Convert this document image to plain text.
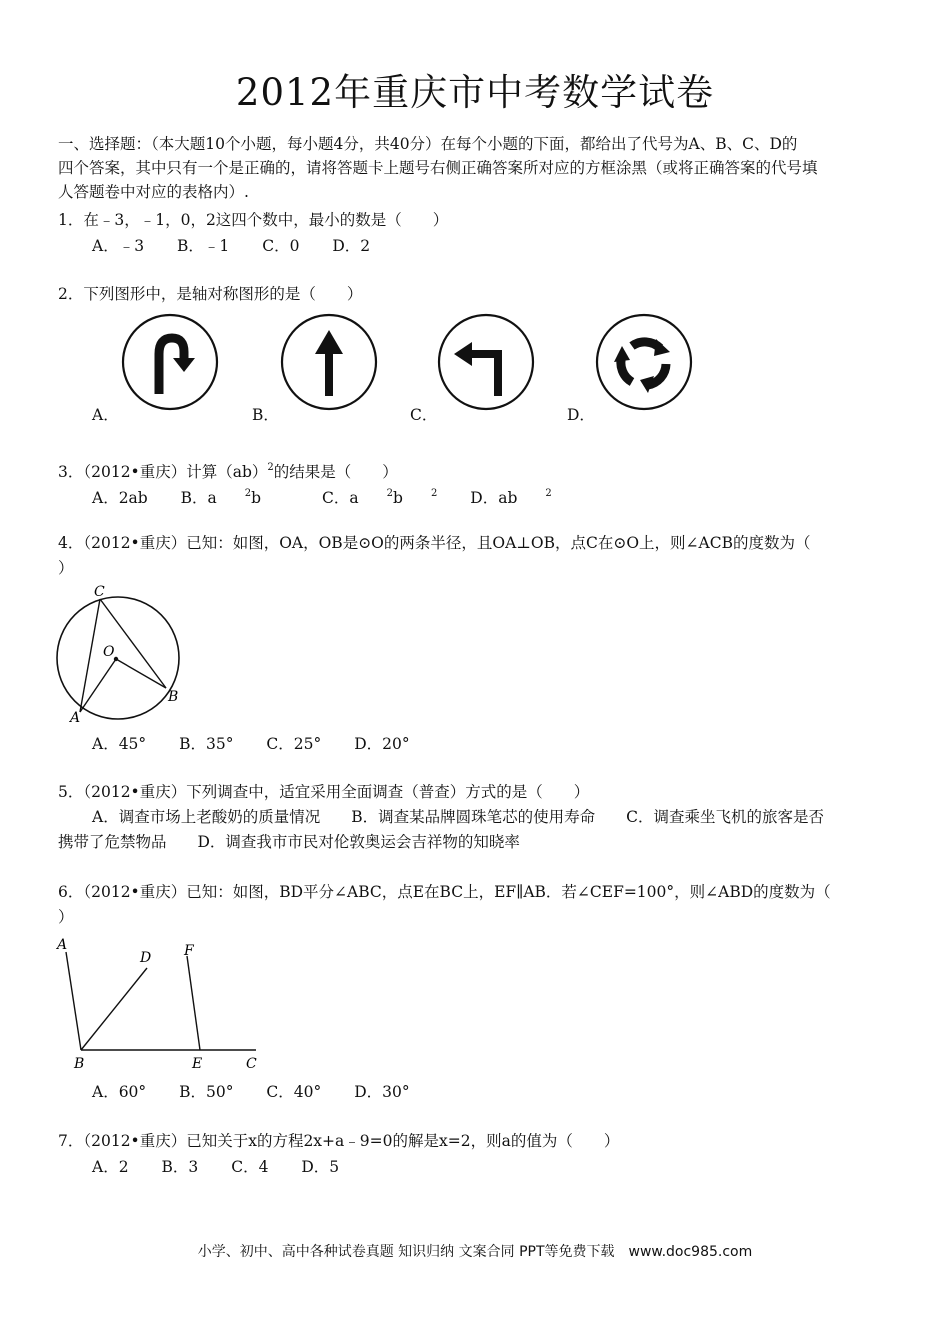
2012年重庆市中考数学试卷
一、选择题：（本大题10个小题，每小题4分，共40分）在每个小题的下面，都给出了代号为A、B、C、D的
四个答案，其中只有一个是正确的，请将答题卡上题号右侧正确答案所对应的方框涂黑（或将正确答案的代号填
人答题卷中对应的表格内）.
1．在﹣3，﹣1，0，2这四个数中，最小的数是（　　）
A．﹣3 B．﹣1 C．0 D．2
2．下列图形中，是轴对称图形的是（　　）
A．	B．	C．	D．
3．（2012•重庆）计算（ab）$^2$的结果是（　　）
A．2ab B．a	$^2$b	C．a	$^2$b	$^2$ D．ab	$^2$
4．（2012•重庆）已知：如图，OA，OB是⊙O的两条半径，且OA⊥OB，点C在⊙O上，则∠ACB的度数为（
）
C
O
A
B
A．45° B．35° C．25° D．20°
5．（2012•重庆）下列调查中，适宜采用全面调查（普查）方式的是（　　）
A．调查市场上老酸奶的质量情况　　B．调查某品牌圆珠笔芯的使用寿命　　C．调查乘坐飞机的旅客是否
携带了危禁物品　　D．调查我市市民对伦敦奥运会吉祥物的知晓率
6．（2012•重庆）已知：如图，BD平分∠ABC，点E在BC上，EF∥AB．若∠CEF=100°，则∠ABD的度数为（
）
A
D F
B	E	C
A．60° B．50° C．40° D．30°
7．（2012•重庆）已知关于x的方程2x+a﹣9=0的解是x=2，则a的值为（　　）
A．2 B．3 C．4 D．5
小学、初中、高中各种试卷真题 知识归纳 文案合同 PPT等免费下载　www.doc985.com
